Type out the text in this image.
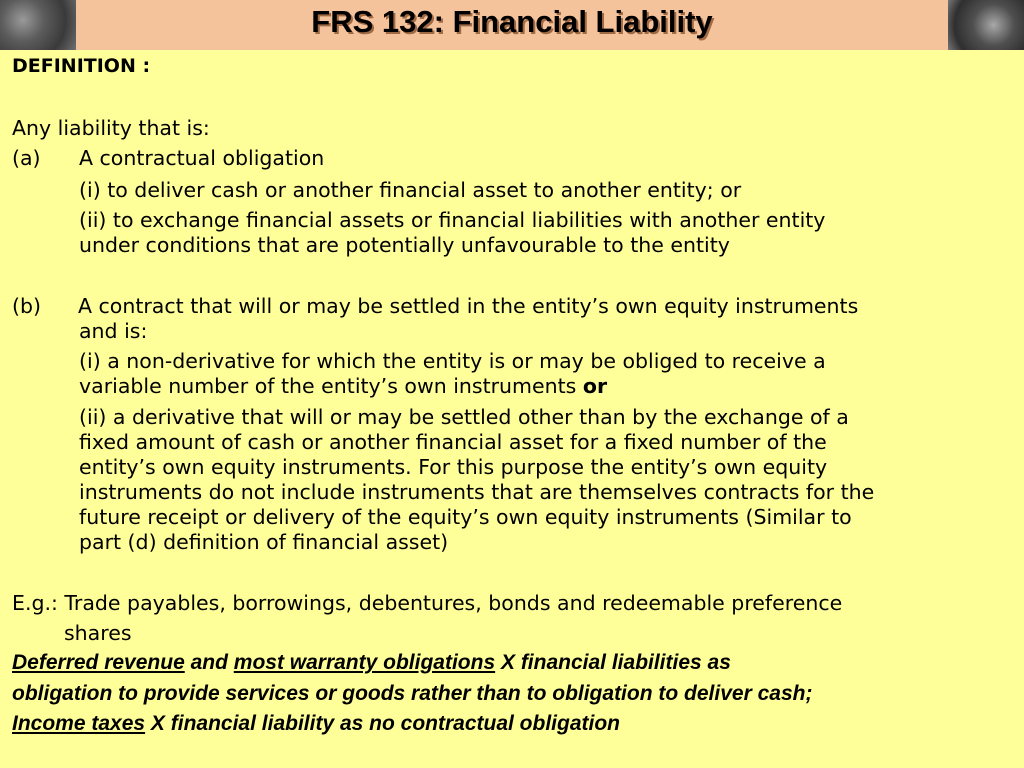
FRS 132: Financial Liability
DEFINITION :
Any liability that is:
(a) A contractual obligation
(i) to deliver cash or another financial asset to another entity; or
(ii) to exchange financial assets or financial liabilities with another entity
under conditions that are potentially unfavourable to the entity
(b) A contract that will or may be settled in the entity’s own equity instruments
and is:
(i) a non-derivative for which the entity is or may be obliged to receive a
variable number of the entity’s own instruments or
(ii) a derivative that will or may be settled other than by the exchange of a
fixed amount of cash or another financial asset for a fixed number of the
entity’s own equity instruments. For this purpose the entity’s own equity
instruments do not include instruments that are themselves contracts for the
future receipt or delivery of the equity’s own equity instruments (Similar to
part (d) definition of financial asset)
E.g.: Trade payables, borrowings, debentures, bonds and redeemable preference
shares
Deferred revenue and most warranty obligations X financial liabilities as
obligation to provide services or goods rather than to obligation to deliver cash;
Income taxes X financial liability as no contractual obligation
